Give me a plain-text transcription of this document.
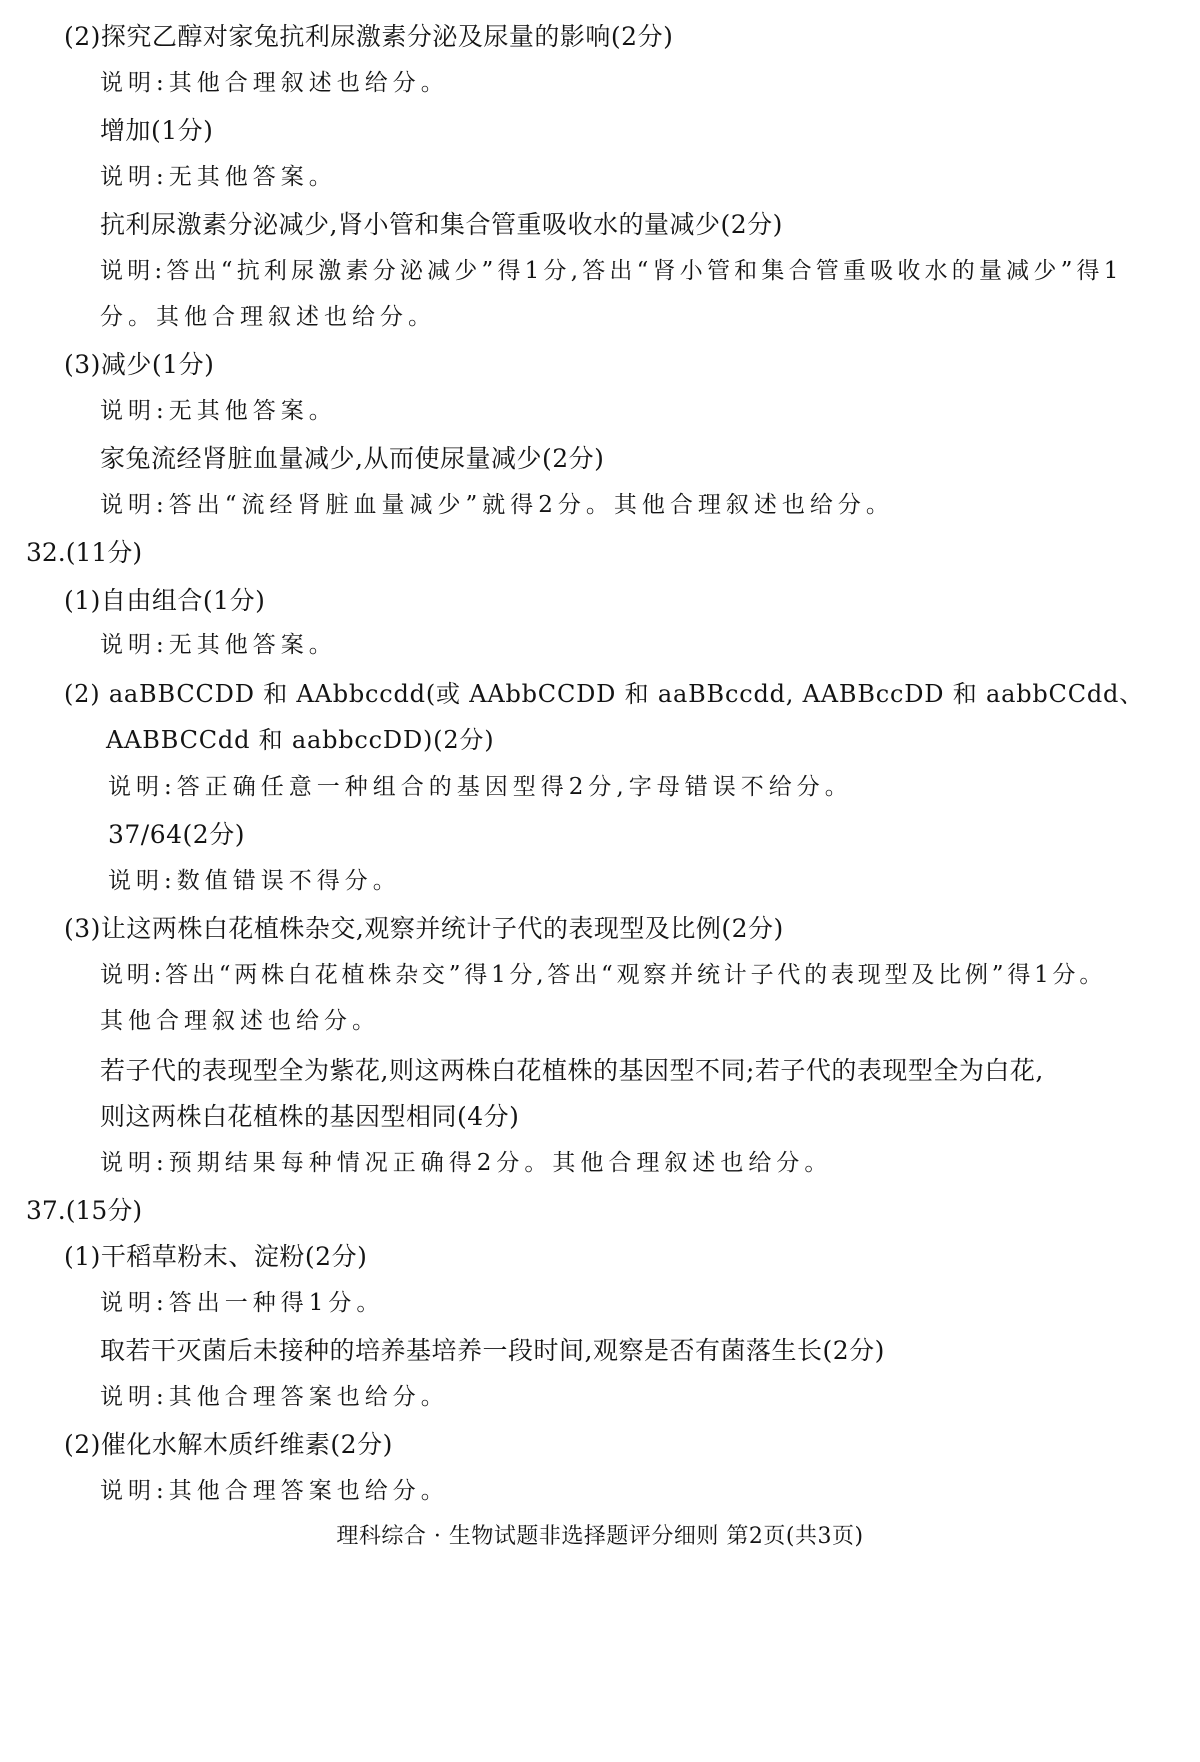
(2)探究乙醇对家兔抗利尿激素分泌及尿量的影响(2分)
说明:其他合理叙述也给分。
增加(1分)
说明:无其他答案。
抗利尿激素分泌减少,肾小管和集合管重吸收水的量减少(2分)
说明:答出“抗利尿激素分泌减少”得1分,答出“肾小管和集合管重吸收水的量减少”得1
分。其他合理叙述也给分。
(3)减少(1分)
说明:无其他答案。
家兔流经肾脏血量减少,从而使尿量减少(2分)
说明:答出“流经肾脏血量减少”就得2分。其他合理叙述也给分。
32.(11分)
(1)自由组合(1分)
说明:无其他答案。
(2) aaBBCCDD 和 AAbbccdd(或 AAbbCCDD 和 aaBBccdd, AABBccDD 和 aabbCCdd、
AABBCCdd 和 aabbccDD)(2分)
说明:答正确任意一种组合的基因型得2分,字母错误不给分。
37/64(2分)
说明:数值错误不得分。
(3)让这两株白花植株杂交,观察并统计子代的表现型及比例(2分)
说明:答出“两株白花植株杂交”得1分,答出“观察并统计子代的表现型及比例”得1分。
其他合理叙述也给分。
若子代的表现型全为紫花,则这两株白花植株的基因型不同;若子代的表现型全为白花,
则这两株白花植株的基因型相同(4分)
说明:预期结果每种情况正确得2分。其他合理叙述也给分。
37.(15分)
(1)干稻草粉末、淀粉(2分)
说明:答出一种得1分。
取若干灭菌后未接种的培养基培养一段时间,观察是否有菌落生长(2分)
说明:其他合理答案也给分。
(2)催化水解木质纤维素(2分)
说明:其他合理答案也给分。
理科综合 · 生物试题非选择题评分细则 第2页(共3页)
